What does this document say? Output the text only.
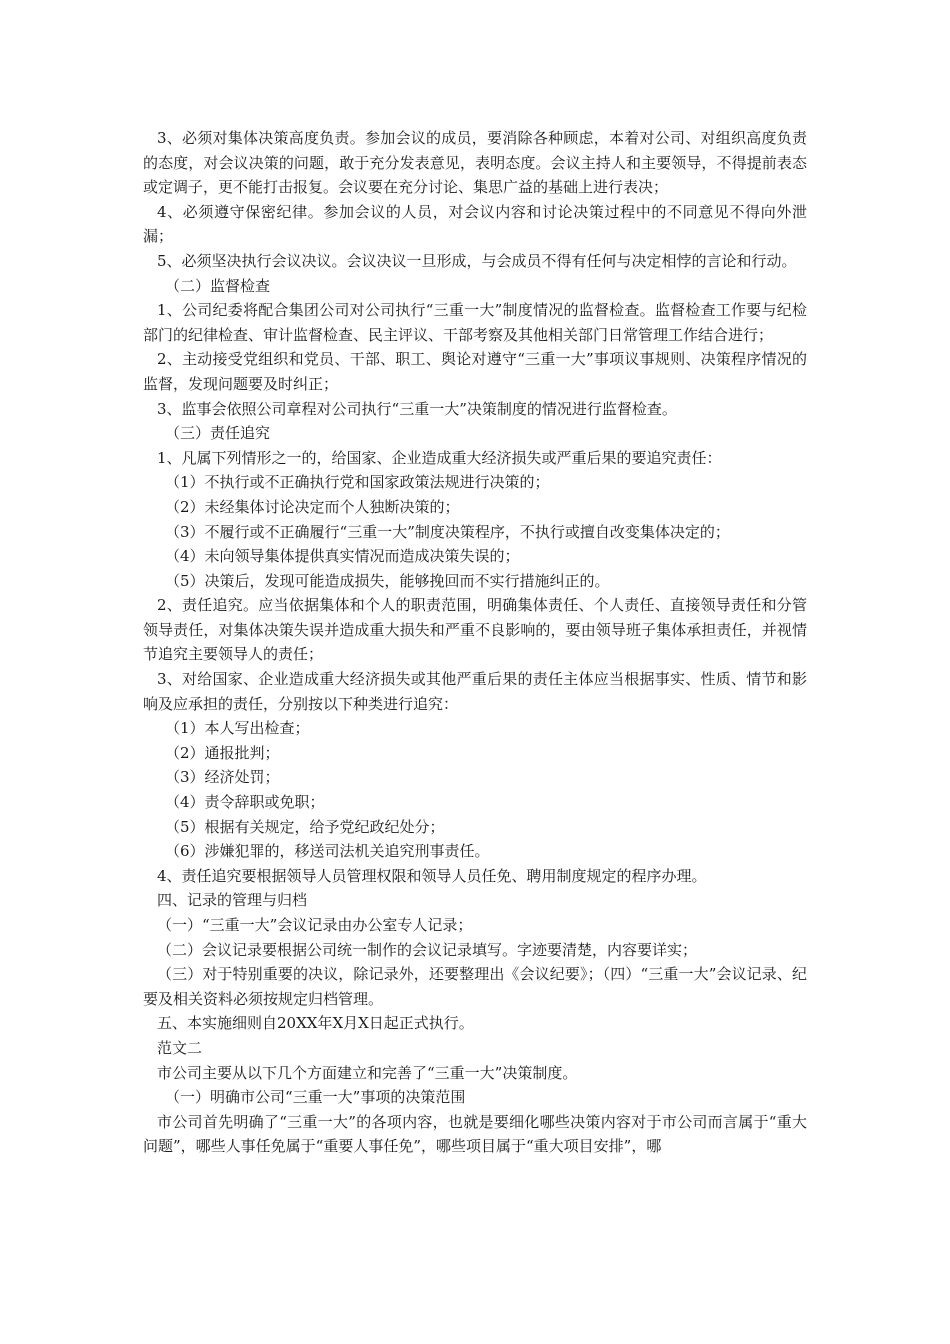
3、必须对集体决策高度负责。参加会议的成员，要消除各种顾虑，本着对公司、对组织高度负责的态度，对会议决策的问题，敢于充分发表意见，表明态度。会议主持人和主要领导，不得提前表态或定调子，更不能打击报复。会议要在充分讨论、集思广益的基础上进行表决；

4、必须遵守保密纪律。参加会议的人员，对会议内容和讨论决策过程中的不同意见不得向外泄漏；

5、必须坚决执行会议决议。会议决议一旦形成，与会成员不得有任何与决定相悖的言论和行动。

（二）监督检查

1、公司纪委将配合集团公司对公司执行“三重一大”制度情况的监督检查。监督检查工作要与纪检部门的纪律检查、审计监督检查、民主评议、干部考察及其他相关部门日常管理工作结合进行；

2、主动接受党组织和党员、干部、职工、舆论对遵守“三重一大”事项议事规则、决策程序情况的监督，发现问题要及时纠正；

3、监事会依照公司章程对公司执行“三重一大”决策制度的情况进行监督检查。

（三）责任追究

1、凡属下列情形之一的，给国家、企业造成重大经济损失或严重后果的要追究责任：

（1）不执行或不正确执行党和国家政策法规进行决策的；

（2）未经集体讨论决定而个人独断决策的；

（3）不履行或不正确履行“三重一大”制度决策程序，不执行或擅自改变集体决定的；

（4）未向领导集体提供真实情况而造成决策失误的；

（5）决策后，发现可能造成损失，能够挽回而不实行措施纠正的。

2、责任追究。应当依据集体和个人的职责范围，明确集体责任、个人责任、直接领导责任和分管领导责任，对集体决策失误并造成重大损失和严重不良影响的，要由领导班子集体承担责任，并视情节追究主要领导人的责任；

3、对给国家、企业造成重大经济损失或其他严重后果的责任主体应当根据事实、性质、情节和影响及应承担的责任，分别按以下种类进行追究：

（1）本人写出检查；

（2）通报批判；

（3）经济处罚；

（4）责令辞职或免职；

（5）根据有关规定，给予党纪政纪处分；

（6）涉嫌犯罪的，移送司法机关追究刑事责任。

4、责任追究要根据领导人员管理权限和领导人员任免、聘用制度规定的程序办理。

四、记录的管理与归档

（一）“三重一大”会议记录由办公室专人记录；

（二）会议记录要根据公司统一制作的会议记录填写。字迹要清楚，内容要详实；

（三）对于特别重要的决议，除记录外，还要整理出《会议纪要》；（四）“三重一大”会议记录、纪要及相关资料必须按规定归档管理。

五、本实施细则自20XX年X月X日起正式执行。

范文二

市公司主要从以下几个方面建立和完善了“三重一大”决策制度。

（一）明确市公司“三重一大”事项的决策范围

市公司首先明确了“三重一大”的各项内容，也就是要细化哪些决策内容对于市公司而言属于“重大问题”，哪些人事任免属于“重要人事任免”，哪些项目属于“重大项目安排”，哪
